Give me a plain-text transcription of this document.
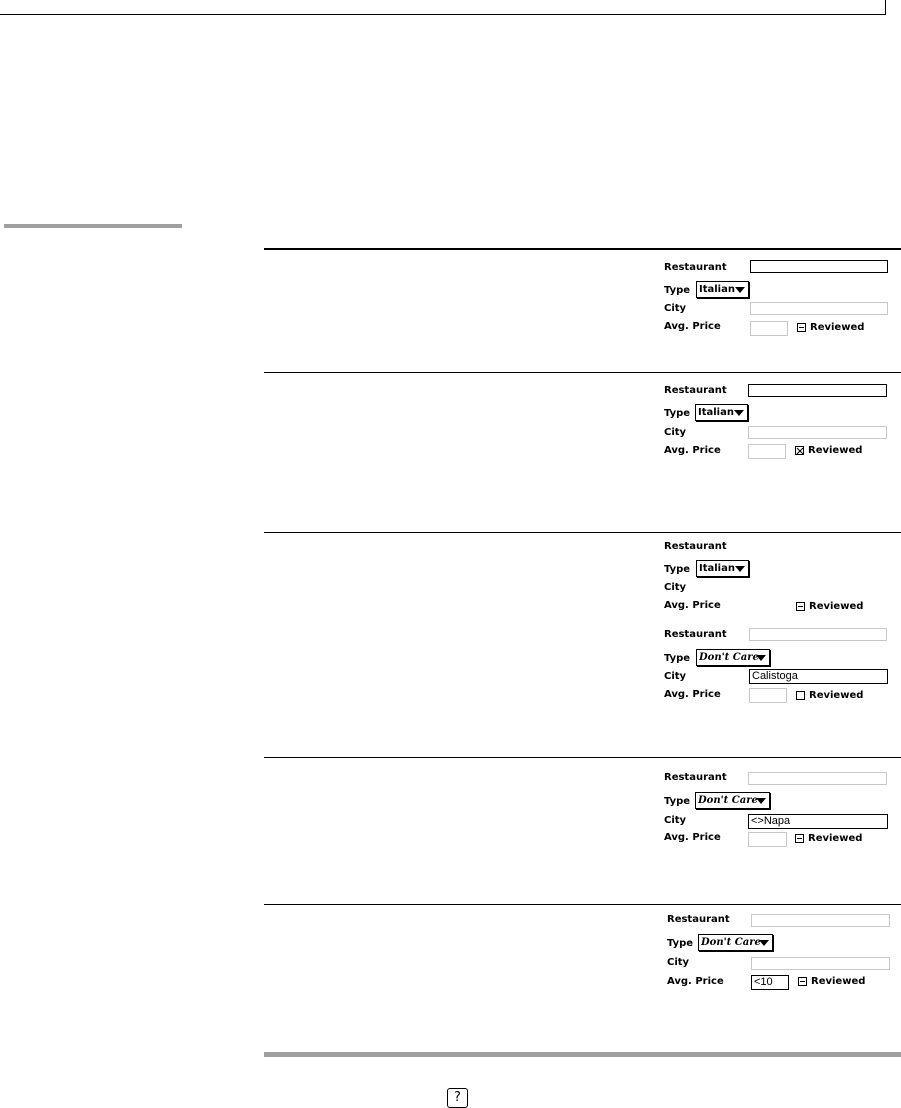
Restaurant
Type Italian
City
Avg. Price	Reviewed
Restaurant
Type Italian
City
Avg. Price	Reviewed
Restaurant
Type Italian
City
Avg. Price	Reviewed
Restaurant
Type Don't Care
City	Calistoga
Avg. Price	Reviewed
Restaurant
Type Don't Care
City	<>Napa
Avg. Price	Reviewed
Restaurant
Type Don't Care
City
Avg. Price	<10	Reviewed
?
